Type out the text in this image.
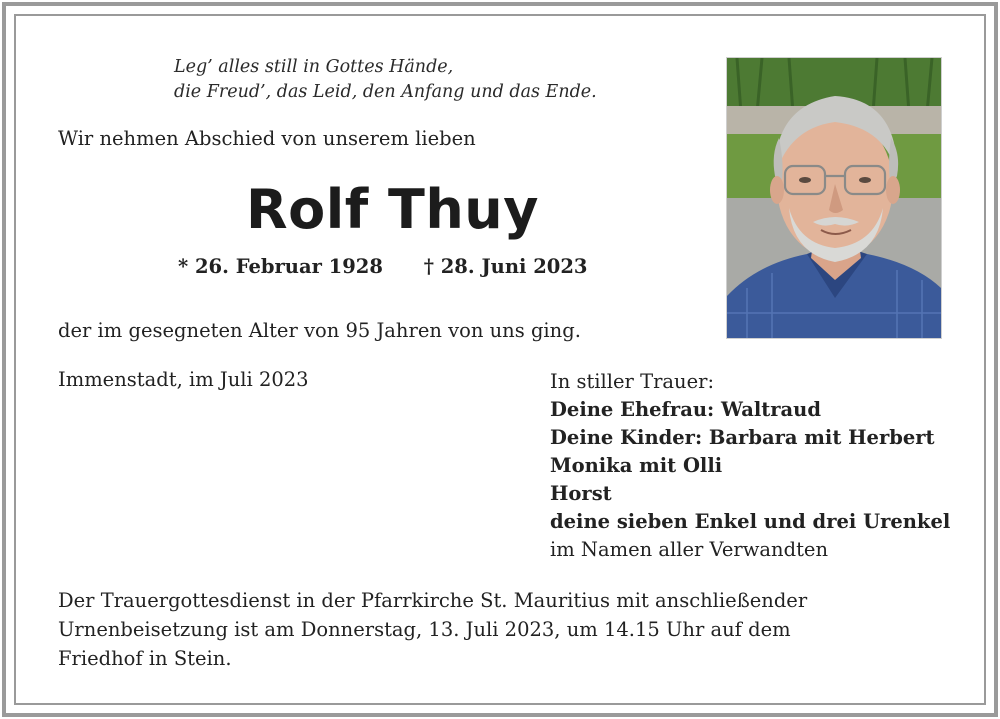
Leg’ alles still in Gottes Hände,
die Freud’, das Leid, den Anfang und das Ende.
Wir nehmen Abschied von unserem lieben
Rolf Thuy
* 26. Februar 1928 † 28. Juni 2023
der im gesegneten Alter von 95 Jahren von uns ging.
Immenstadt, im Juli 2023	In stiller Trauer:
Deine Ehefrau: Waltraud
Deine Kinder: Barbara mit Herbert
Monika mit Olli
Horst
deine sieben Enkel und drei Urenkel
im Namen aller Verwandten
Der Trauergottesdienst in der Pfarrkirche St. Mauritius mit anschließender
Urnenbeisetzung ist am Donnerstag, 13. Juli 2023, um 14.15 Uhr auf dem
Friedhof in Stein.
